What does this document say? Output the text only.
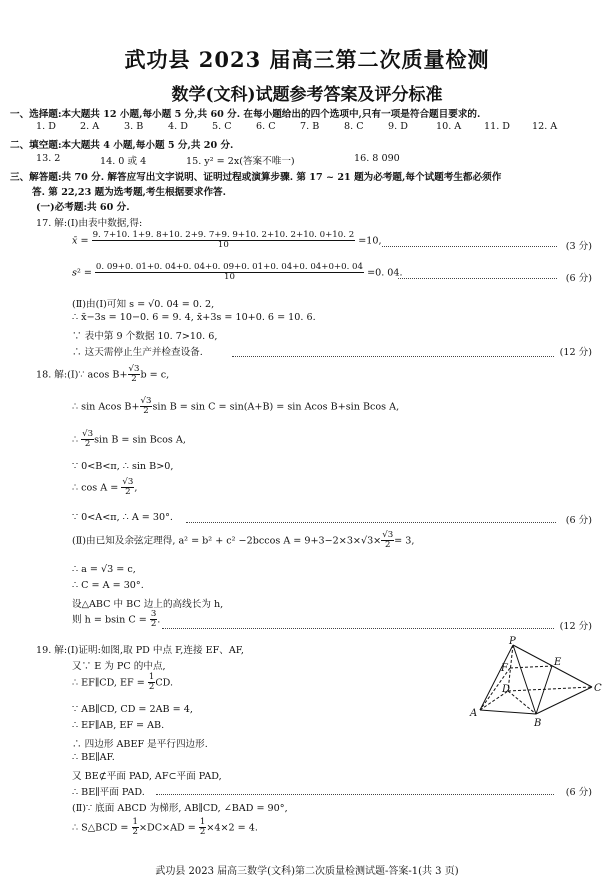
武功县 2023 届高三第二次质量检测
数学(文科)试题参考答案及评分标准
一、选择题:本大题共 12 小题,每小题 5 分,共 60 分. 在每小题给出的四个选项中,只有一项是符合题目要求的.
1. D	2. A	3. B	4. D	5. C	6. C	7. B	8. C	9. D	10. A 11. D 12. A
二、填空题:本大题共 4 小题,每小题 5 分,共 20 分.
13. 2	14. 0 或 4	15. y² = 2x(答案不唯一)	16. 8 090
三、解答题:共 70 分. 解答应写出文字说明、证明过程或演算步骤. 第 17 ~ 21 题为必考题,每个试题考生都必须作
答. 第 22,23 题为选考题,考生根据要求作答.
(一)必考题:共 60 分.
17. 解:(Ⅰ)由表中数据,得:
x̄ = $\frac{9. 7+10. 1+9. 8+10. 2+9. 7+9. 9+10. 2+10. 2+10. 0+10. 2}{10} =10$,
(3 分)
$s^2 = \frac{0. 09+0. 01+0. 04+0. 04+0. 09+0. 01+0. 04+0. 04+0+0. 04}{10} =0$. 04.
(6 分)
(Ⅱ)由(Ⅰ)可知 s = √0. 04 = 0. 2,
∴ x̄−3s = 10−0. 6 = 9. 4, x̄+3s = 10+0. 6 = 10. 6.
∵ 表中第 9 个数据 10. 7>10. 6,
∴ 这天需停止生产并检查设备.	(12 分)
18. 解:(Ⅰ)∵ acos $B+ \frac{√3}{2}$ b = c,
∴ sin Acos $B+ \frac{√3}{2}$ sin B = sin C = sin(A+B) = sin Acos B+sin Bcos A,
∴ $\frac{√3}{2}$ sin B = sin Bcos A,
∵ 0<B<π, ∴ sin B>0,
∴ $\cos A = \frac{√3}{2}$ ,
∵ 0<A<π, ∴ A = 30°.	(6 分)
(Ⅱ)由已知及余弦定理得, a² = b² + c² −2bccos $A = 9+3-2\times 3\times√3\times \frac{√3}{2} = 3$,
∴ a = √3 = c,
∴ C = A = 30°.
设△ABC 中 BC 边上的高线长为 h,
则 h = bsin $C = \frac{3}{2}$ .
(12 分)
19. 解:(Ⅰ)证明:如图,取 PD 中点 F,连接 EF、AF,
又∵ E 为 PC 的中点,
∴ EF∥CD, EF = $\frac{1}{2}$ CD.
∵ AB∥CD, CD = 2AB = 4,
∴ EF∥AB, EF = AB.
∴ 四边形 ABEF 是平行四边形.
∴ BE∥AF.
又 BE⊄平面 PAD, AF⊂平面 PAD,
∴ BE∥平面 PAD.	(6 分)
(Ⅱ)∵ 底面 ABCD 为梯形, AB∥CD, ∠BAD = 90°,
∴ S△BCD = $\frac{1}{2} \times DC\times AD = \frac{1}{2} \times 4\times 2 = 4$.
P
E
F
D	C
A
B
武功县 2023 届高三数学(文科)第二次质量检测试题-答案-1(共 3 页)
